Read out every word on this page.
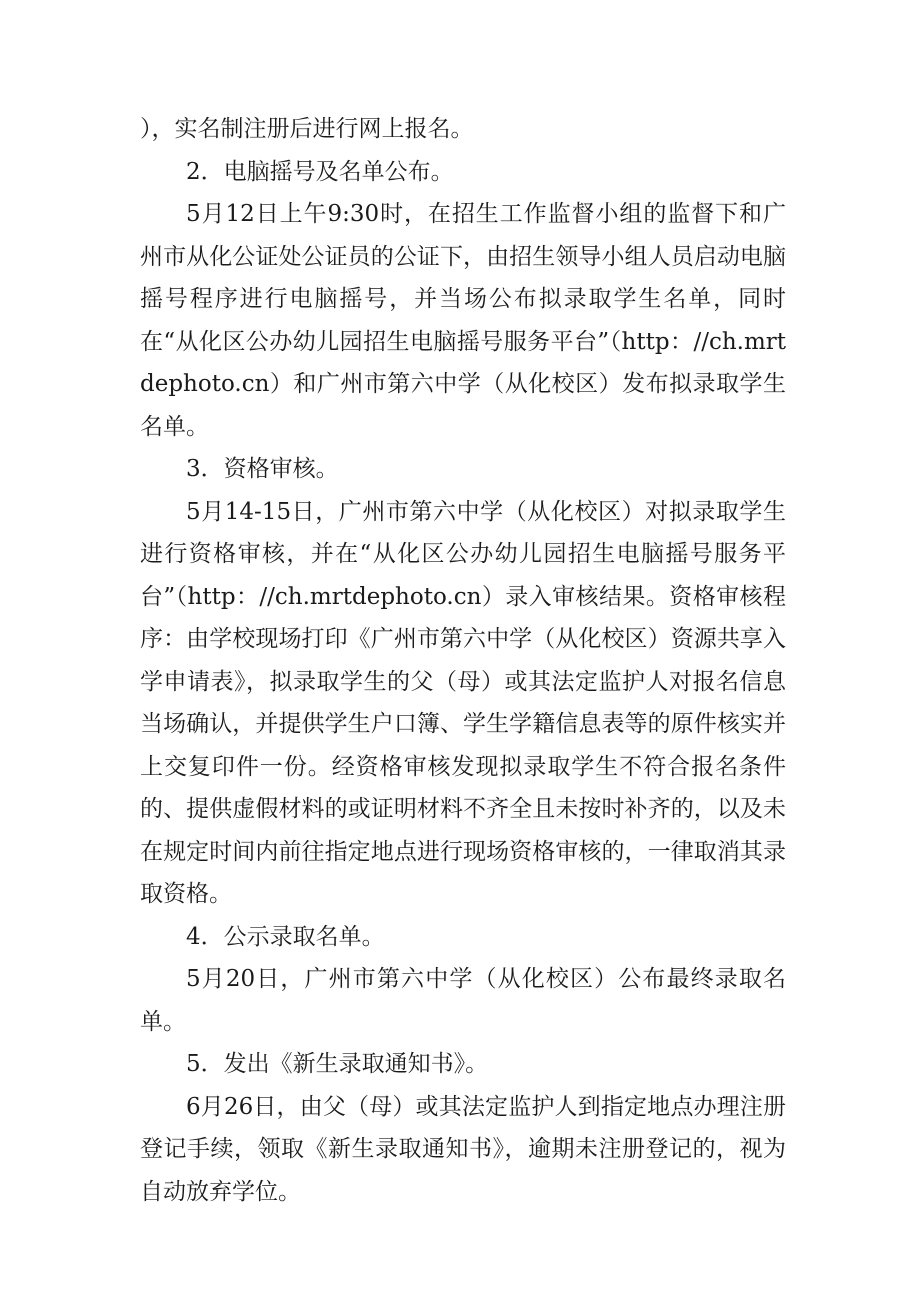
），实名制注册后进行网上报名。

2．电脑摇号及名单公布。

5月12日上午9:30时，在招生工作监督小组的监督下和广州市从化公证处公证员的公证下，由招生领导小组人员启动电脑摇号程序进行电脑摇号，并当场公布拟录取学生名单，同时在“从化区公办幼儿园招生电脑摇号服务平台”（http：//ch.mrtdephoto.cn）和广州市第六中学（从化校区）发布拟录取学生名单。

3．资格审核。

5月14-15日，广州市第六中学（从化校区）对拟录取学生进行资格审核，并在“从化区公办幼儿园招生电脑摇号服务平台”（http：//ch.mrtdephoto.cn）录入审核结果。资格审核程序：由学校现场打印《广州市第六中学（从化校区）资源共享入学申请表》，拟录取学生的父（母）或其法定监护人对报名信息当场确认，并提供学生户口簿、学生学籍信息表等的原件核实并上交复印件一份。经资格审核发现拟录取学生不符合报名条件的、提供虚假材料的或证明材料不齐全且未按时补齐的，以及未在规定时间内前往指定地点进行现场资格审核的，一律取消其录取资格。

4．公示录取名单。

5月20日，广州市第六中学（从化校区）公布最终录取名单。

5．发出《新生录取通知书》。

6月26日，由父（母）或其法定监护人到指定地点办理注册登记手续，领取《新生录取通知书》，逾期未注册登记的，视为自动放弃学位。
